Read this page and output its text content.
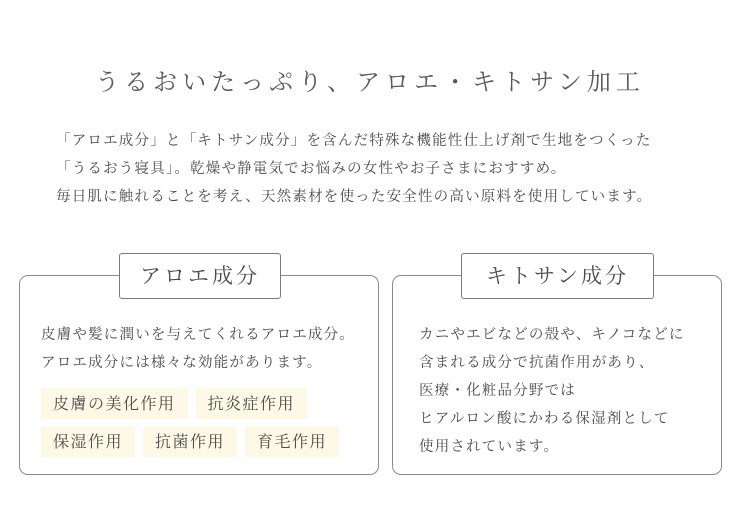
うるおいたっぷり、アロエ・キトサン加工
「アロエ成分」と「キトサン成分」を含んだ特殊な機能性仕上げ剤で生地をつくった
「うるおう寝具」。乾燥や静電気でお悩みの女性やお子さまにおすすめ。
毎日肌に触れることを考え、天然素材を使った安全性の高い原料を使用しています。
アロエ成分
皮膚や髪に潤いを与えてくれるアロエ成分。
アロエ成分には様々な効能があります。
皮膚の美化作用	抗炎症作用
保湿作用	抗菌作用	育毛作用
キトサン成分
カニやエビなどの殻や、キノコなどに
含まれる成分で抗菌作用があり、
医療・化粧品分野では
ヒアルロン酸にかわる保湿剤として
使用されています。
